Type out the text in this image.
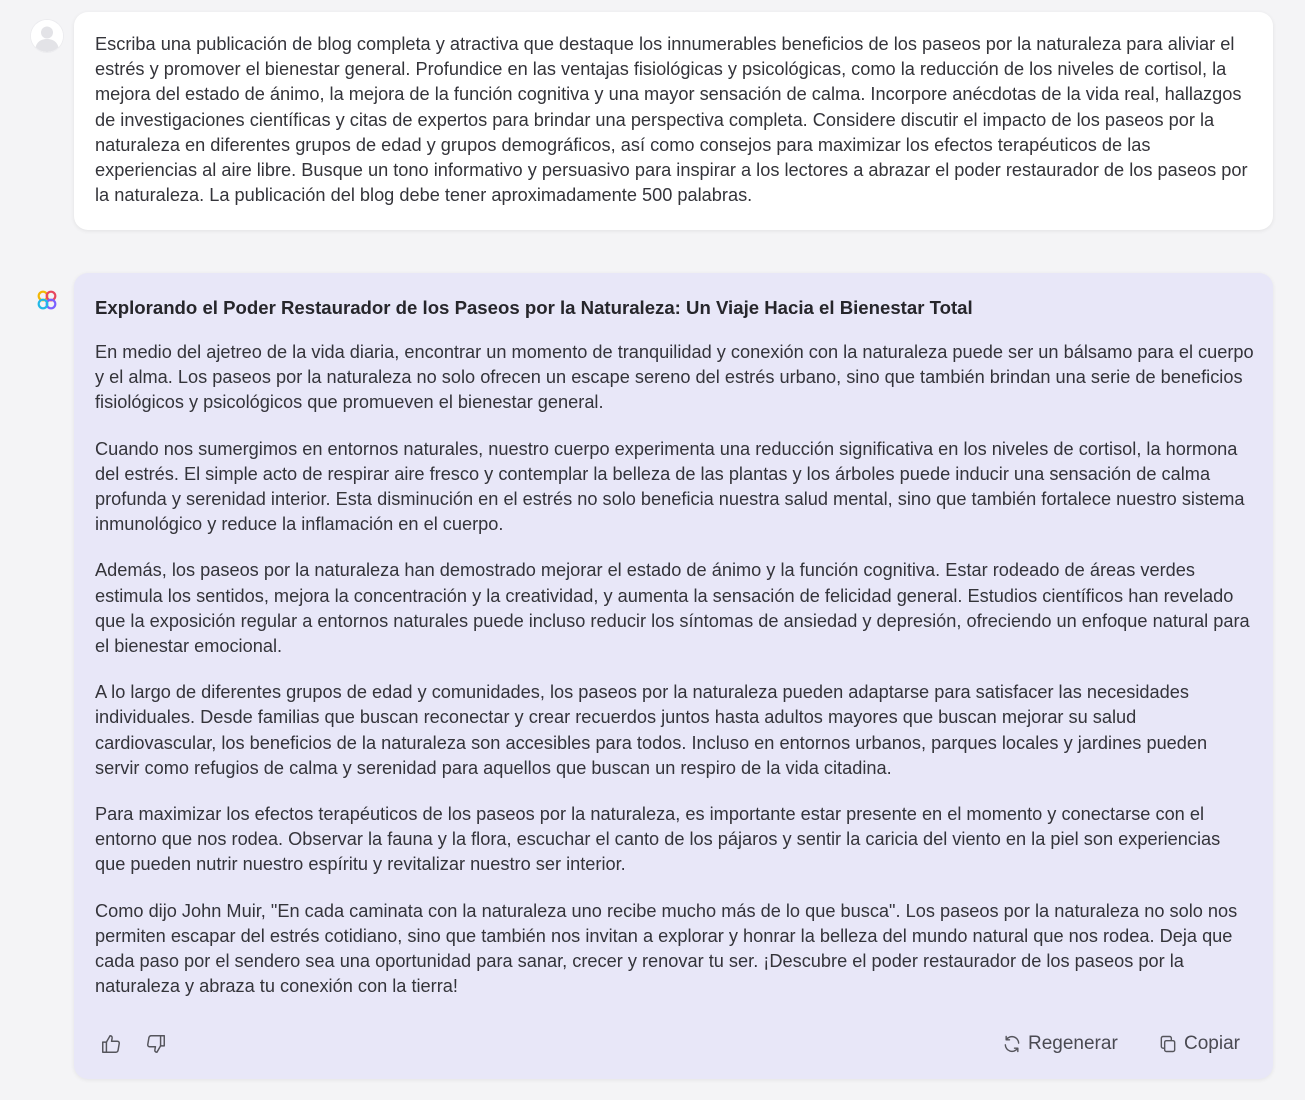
Escriba una publicación de blog completa y atractiva que destaque los innumerables beneficios de los paseos por la naturaleza para aliviar el estrés y promover el bienestar general. Profundice en las ventajas fisiológicas y psicológicas, como la reducción de los niveles de cortisol, la mejora del estado de ánimo, la mejora de la función cognitiva y una mayor sensación de calma. Incorpore anécdotas de la vida real, hallazgos de investigaciones científicas y citas de expertos para brindar una perspectiva completa. Considere discutir el impacto de los paseos por la naturaleza en diferentes grupos de edad y grupos demográficos, así como consejos para maximizar los efectos terapéuticos de las experiencias al aire libre. Busque un tono informativo y persuasivo para inspirar a los lectores a abrazar el poder restaurador de los paseos por la naturaleza. La publicación del blog debe tener aproximadamente 500 palabras.

Explorando el Poder Restaurador de los Paseos por la Naturaleza: Un Viaje Hacia el Bienestar Total

En medio del ajetreo de la vida diaria, encontrar un momento de tranquilidad y conexión con la naturaleza puede ser un bálsamo para el cuerpo y el alma. Los paseos por la naturaleza no solo ofrecen un escape sereno del estrés urbano, sino que también brindan una serie de beneficios fisiológicos y psicológicos que promueven el bienestar general.

Cuando nos sumergimos en entornos naturales, nuestro cuerpo experimenta una reducción significativa en los niveles de cortisol, la hormona del estrés. El simple acto de respirar aire fresco y contemplar la belleza de las plantas y los árboles puede inducir una sensación de calma profunda y serenidad interior. Esta disminución en el estrés no solo beneficia nuestra salud mental, sino que también fortalece nuestro sistema inmunológico y reduce la inflamación en el cuerpo.

Además, los paseos por la naturaleza han demostrado mejorar el estado de ánimo y la función cognitiva. Estar rodeado de áreas verdes estimula los sentidos, mejora la concentración y la creatividad, y aumenta la sensación de felicidad general. Estudios científicos han revelado que la exposición regular a entornos naturales puede incluso reducir los síntomas de ansiedad y depresión, ofreciendo un enfoque natural para el bienestar emocional.

A lo largo de diferentes grupos de edad y comunidades, los paseos por la naturaleza pueden adaptarse para satisfacer las necesidades individuales. Desde familias que buscan reconectar y crear recuerdos juntos hasta adultos mayores que buscan mejorar su salud cardiovascular, los beneficios de la naturaleza son accesibles para todos. Incluso en entornos urbanos, parques locales y jardines pueden servir como refugios de calma y serenidad para aquellos que buscan un respiro de la vida citadina.

Para maximizar los efectos terapéuticos de los paseos por la naturaleza, es importante estar presente en el momento y conectarse con el entorno que nos rodea. Observar la fauna y la flora, escuchar el canto de los pájaros y sentir la caricia del viento en la piel son experiencias que pueden nutrir nuestro espíritu y revitalizar nuestro ser interior.

Como dijo John Muir, "En cada caminata con la naturaleza uno recibe mucho más de lo que busca". Los paseos por la naturaleza no solo nos permiten escapar del estrés cotidiano, sino que también nos invitan a explorar y honrar la belleza del mundo natural que nos rodea. Deja que cada paso por el sendero sea una oportunidad para sanar, crecer y renovar tu ser. ¡Descubre el poder restaurador de los paseos por la naturaleza y abraza tu conexión con la tierra!

Regenerar	Copiar
